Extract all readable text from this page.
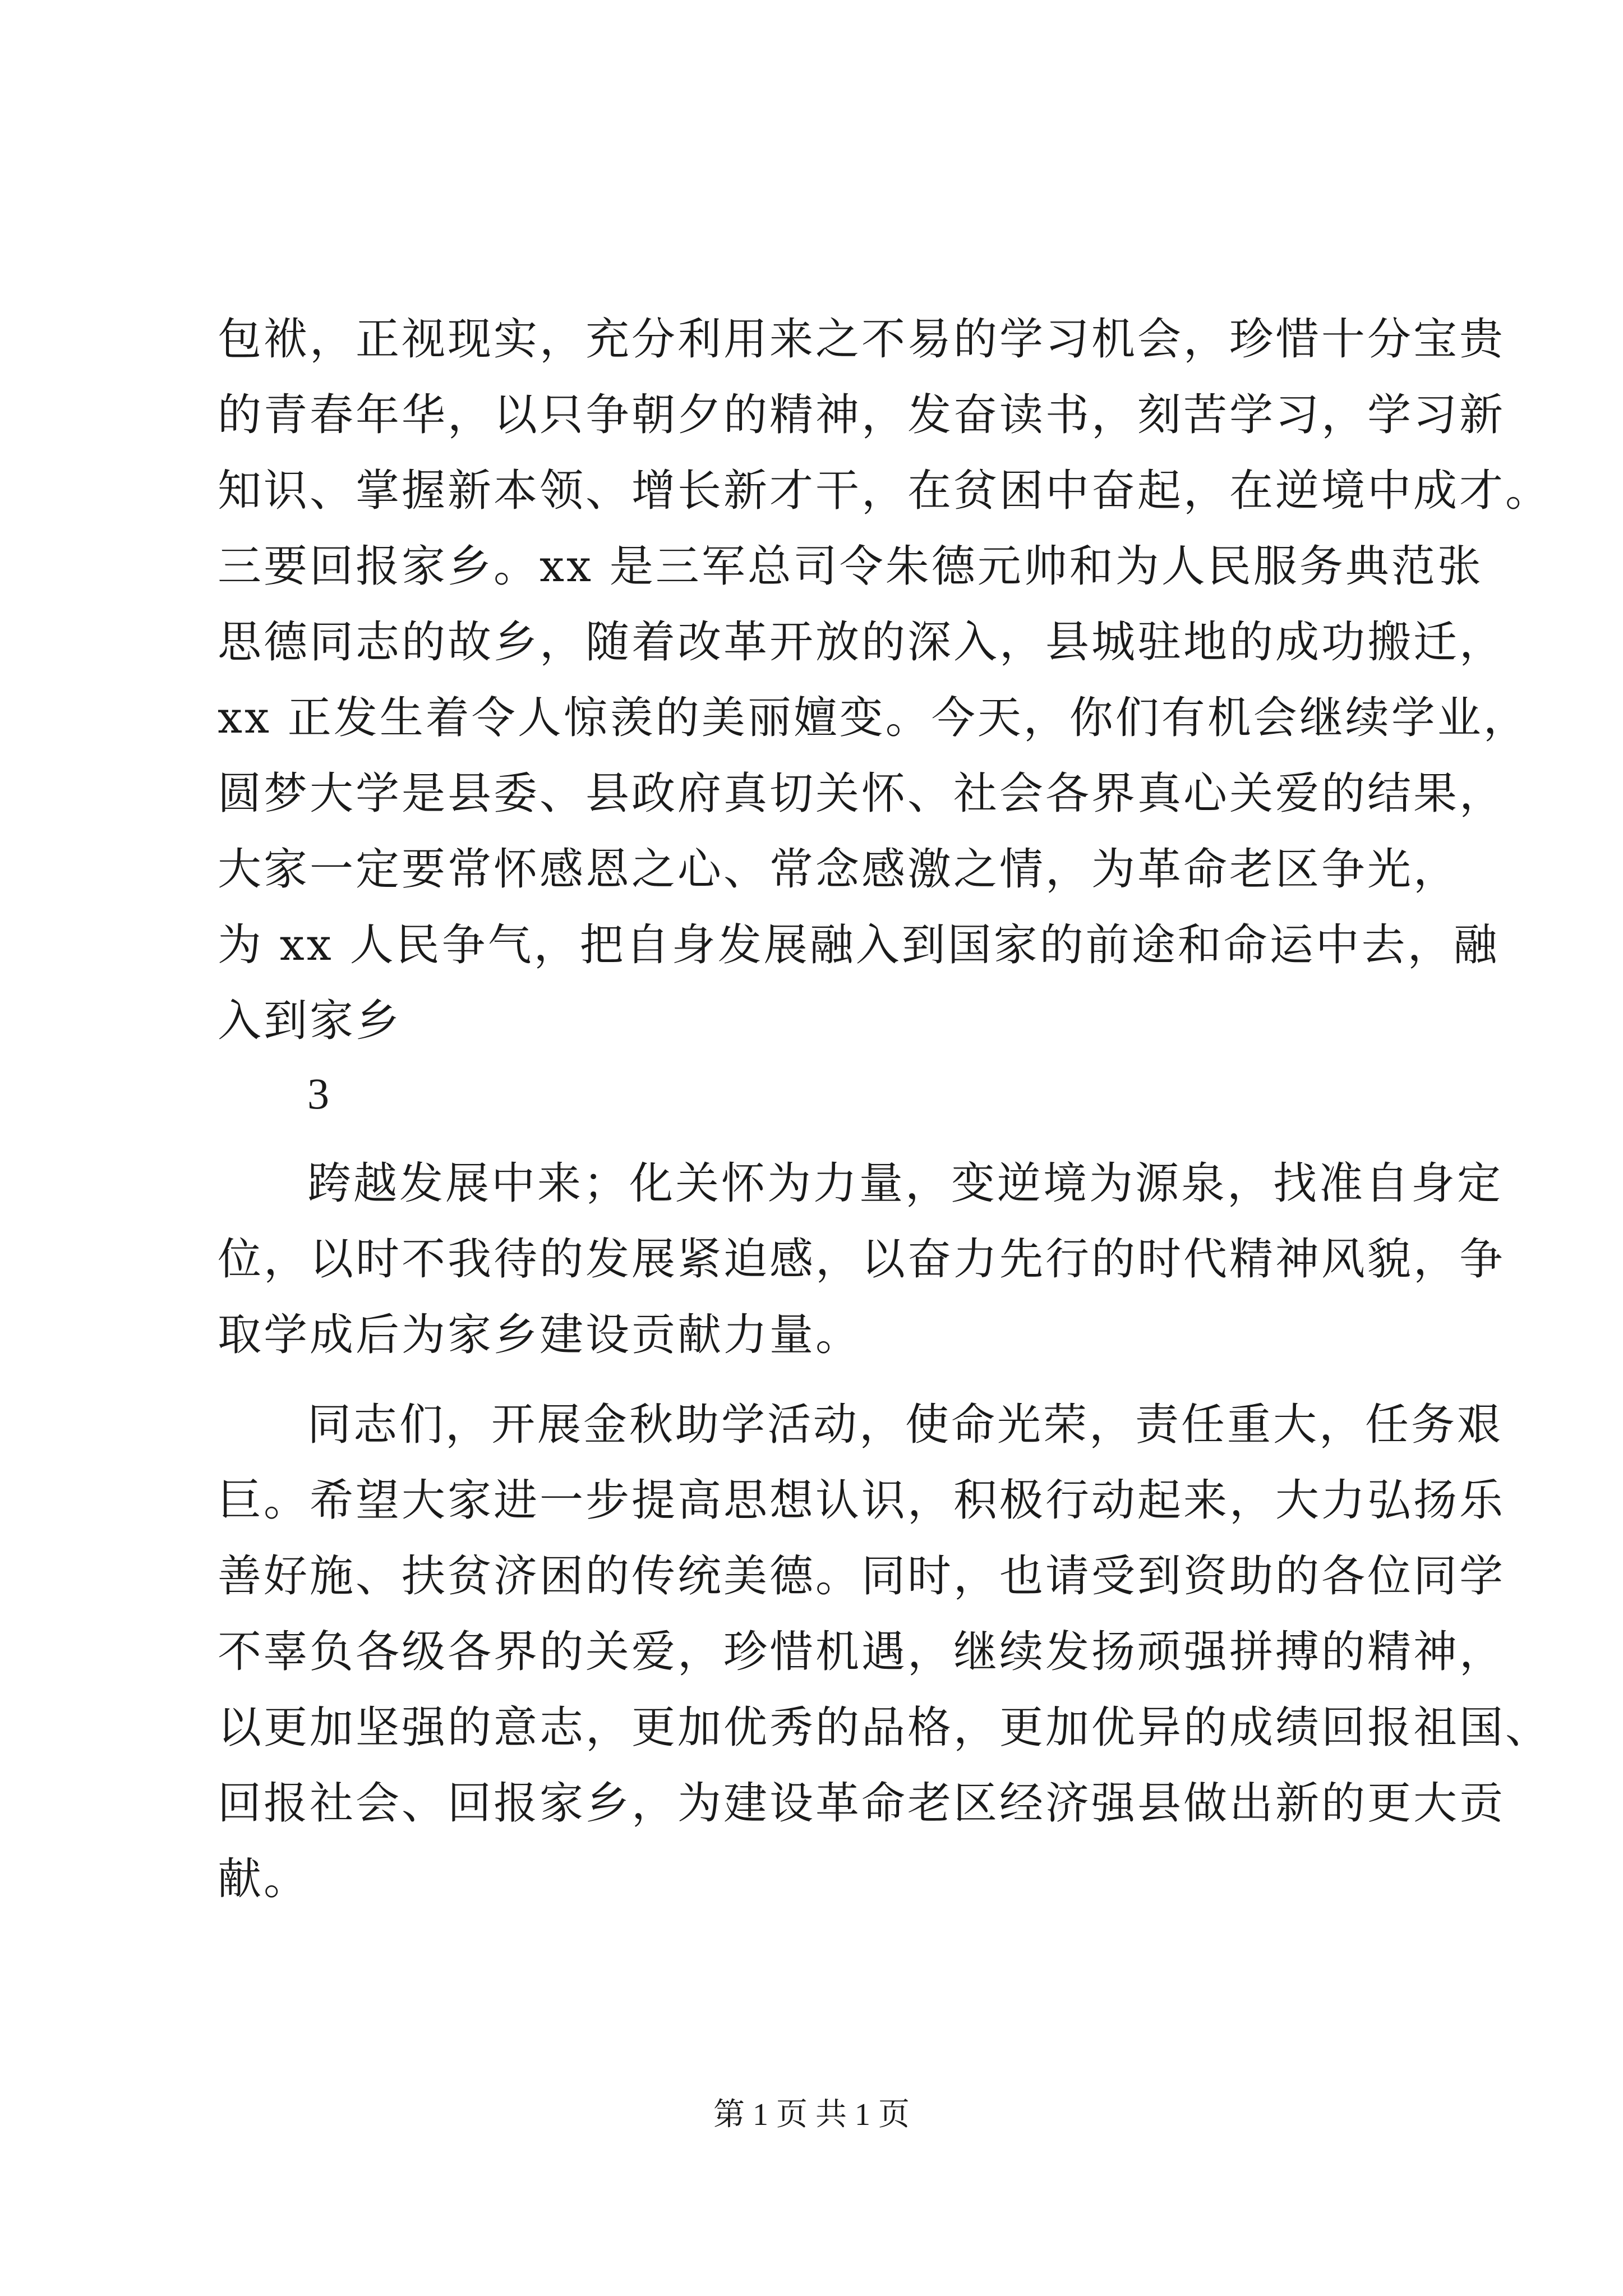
包袱，正视现实，充分利用来之不易的学习机会，珍惜十分宝贵
的青春年华，以只争朝夕的精神，发奋读书，刻苦学习，学习新
知识、掌握新本领、增长新才干，在贫困中奋起，在逆境中成才。
三要回报家乡。xx 是三军总司令朱德元帅和为人民服务典范张
思德同志的故乡，随着改革开放的深入，县城驻地的成功搬迁，
xx 正发生着令人惊羡的美丽嬗变。今天，你们有机会继续学业，
圆梦大学是县委、县政府真切关怀、社会各界真心关爱的结果，
大家一定要常怀感恩之心、常念感激之情，为革命老区争光，
为 xx 人民争气，把自身发展融入到国家的前途和命运中去，融
入到家乡
3
跨越发展中来；化关怀为力量，变逆境为源泉，找准自身定
位，以时不我待的发展紧迫感，以奋力先行的时代精神风貌，争
取学成后为家乡建设贡献力量。
同志们，开展金秋助学活动，使命光荣，责任重大，任务艰
巨。希望大家进一步提高思想认识，积极行动起来，大力弘扬乐
善好施、扶贫济困的传统美德。同时，也请受到资助的各位同学
不辜负各级各界的关爱，珍惜机遇，继续发扬顽强拼搏的精神，
以更加坚强的意志，更加优秀的品格，更加优异的成绩回报祖国、
回报社会、回报家乡，为建设革命老区经济强县做出新的更大贡
献。
第 1 页 共 1 页
